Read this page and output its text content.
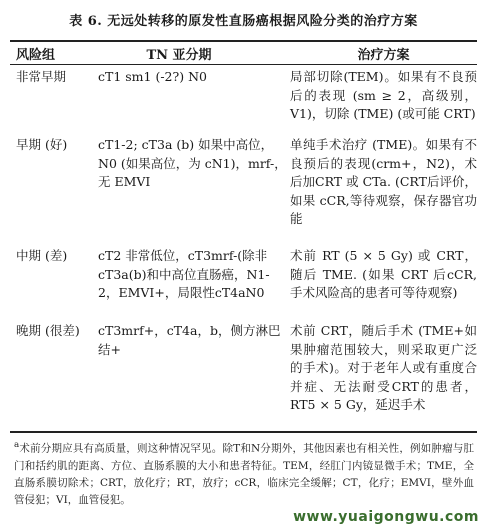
表 6. 无远处转移的原发性直肠癌根据风险分类的治疗方案
风险组	TN 亚分期	治疗方案
非常早期	cT1 sm1 (-2?) N0	局部切除(TEM)。如果有不良预后的表现 (sm ≥ 2，高级别，V1)，切除 (TME) (或可能 CRT)
早期 (好)	cT1-2; cT3a (b) 如果中高位，N0 (如果高位，为 cN1)，mrf-，无 EMVI	单纯手术治疗 (TME)。如果有不良预后的表现(crm+，N2)，术后加CRT 或 CTa. (CRT后评价，如果 cCR,等待观察，保存器官功能
中期 (差)	cT2 非常低位，cT3mrf-(除非cT3a(b)和中高位直肠癌，N1-2，EMVI+，局限性cT4aN0	术前 RT (5 × 5 Gy) 或 CRT，随后 TME. (如果 CRT 后cCR, 手术风险高的患者可等待观察)
晚期 (很差)	cT3mrf+，cT4a，b，侧方淋巴结+	术前 CRT，随后手术 (TME+如果肿瘤范围较大，则采取更广泛的手术)。对于老年人或有重度合并症、无法耐受CRT的患者，RT5 × 5 Gy，延迟手术
$^a$术前分期应具有高质量，则这种情况罕见。除T和N分期外，其他因素也有相关性，例如肿瘤与肛门和括约肌的距离、方位、直肠系膜的大小和患者特征。TEM，经肛门内镜显微手术；TME，全直肠系膜切除术；CRT，放化疗；RT，放疗；cCR，临床完全缓解；CT，化疗；EMVI，壁外血管侵犯；VI，血管侵犯。
www.yuaigongwu.com
